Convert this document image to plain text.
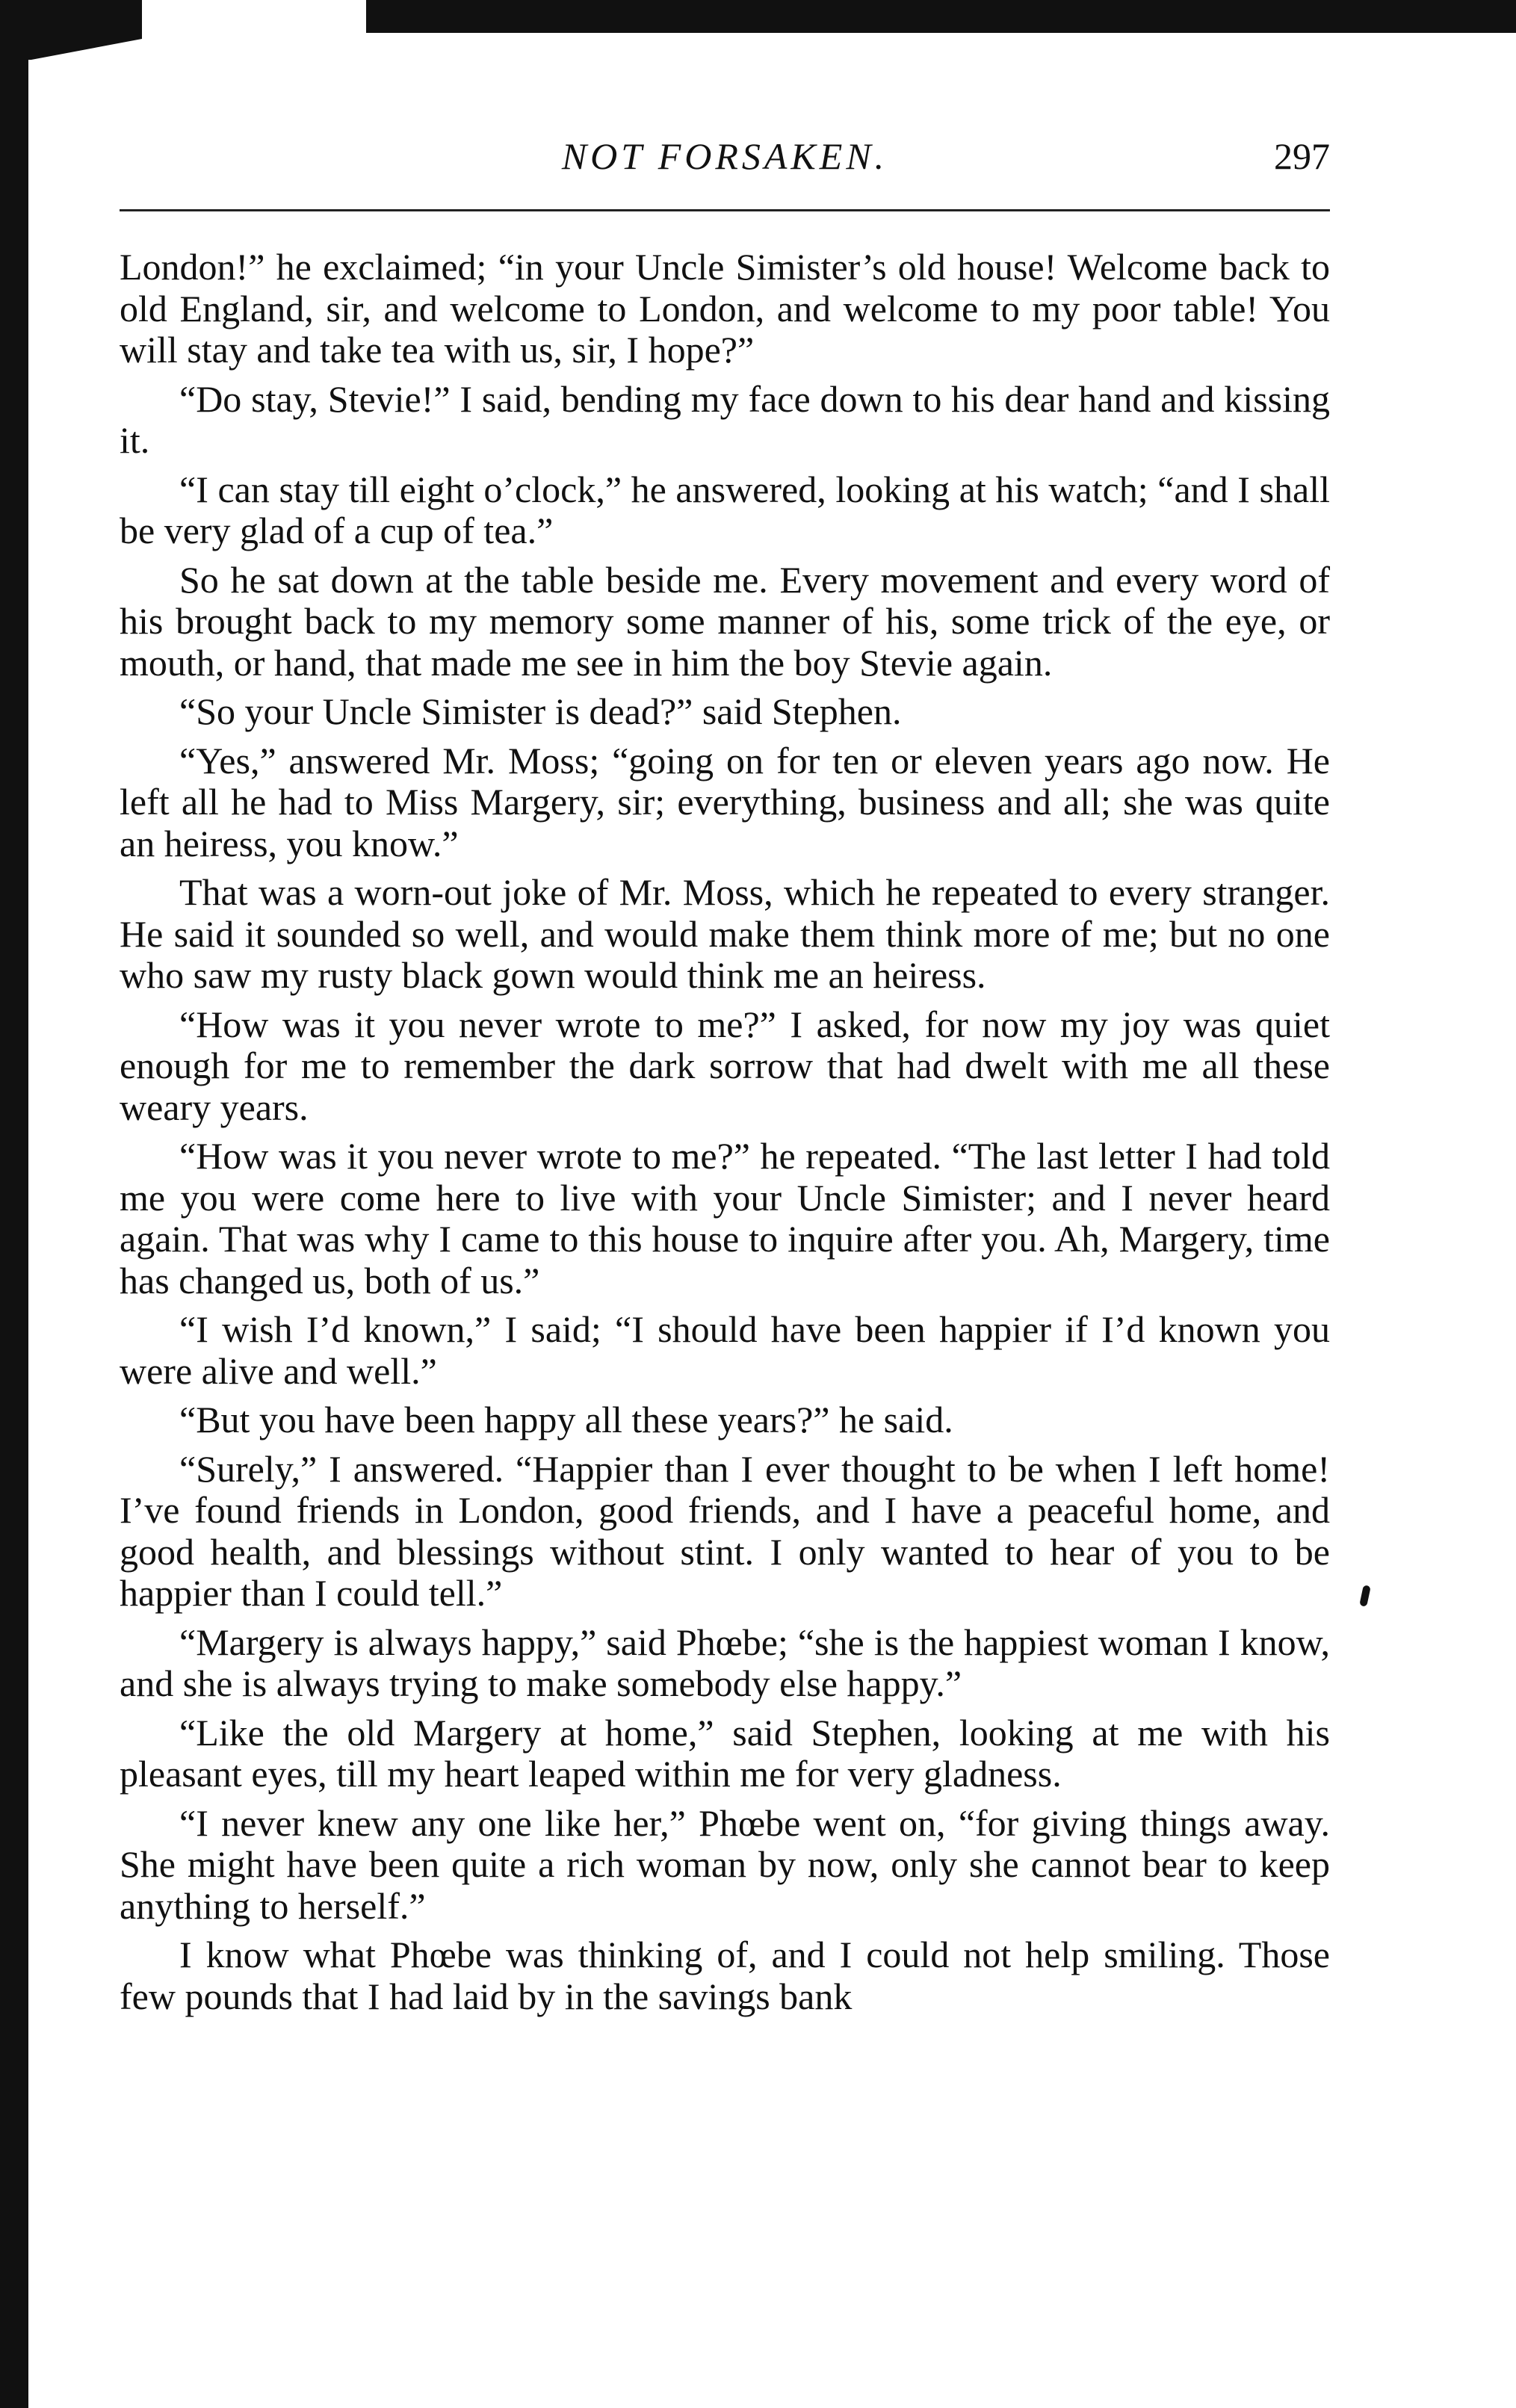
NOT FORSAKEN.	297

London!” he exclaimed; “in your Uncle Simister’s old house! Welcome back to old England, sir, and welcome to London, and welcome to my poor table! You will stay and take tea with us, sir, I hope?”

“Do stay, Stevie!” I said, bending my face down to his dear hand and kissing it.

“I can stay till eight o’clock,” he answered, looking at his watch; “and I shall be very glad of a cup of tea.”

So he sat down at the table beside me. Every movement and every word of his brought back to my memory some manner of his, some trick of the eye, or mouth, or hand, that made me see in him the boy Stevie again.

“So your Uncle Simister is dead?” said Stephen.

“Yes,” answered Mr. Moss; “going on for ten or eleven years ago now. He left all he had to Miss Margery, sir; everything, business and all; she was quite an heiress, you know.”

That was a worn-out joke of Mr. Moss, which he repeated to every stranger. He said it sounded so well, and would make them think more of me; but no one who saw my rusty black gown would think me an heiress.

“How was it you never wrote to me?” I asked, for now my joy was quiet enough for me to remember the dark sorrow that had dwelt with me all these weary years.

“How was it you never wrote to me?” he repeated. “The last letter I had told me you were come here to live with your Uncle Simister; and I never heard again. That was why I came to this house to inquire after you. Ah, Margery, time has changed us, both of us.”

“I wish I’d known,” I said; “I should have been happier if I’d known you were alive and well.”

“But you have been happy all these years?” he said.

“Surely,” I answered. “Happier than I ever thought to be when I left home! I’ve found friends in London, good friends, and I have a peaceful home, and good health, and blessings without stint. I only wanted to hear of you to be happier than I could tell.”

“Margery is always happy,” said Phœbe; “she is the happiest woman I know, and she is always trying to make somebody else happy.”

“Like the old Margery at home,” said Stephen, looking at me with his pleasant eyes, till my heart leaped within me for very gladness.

“I never knew any one like her,” Phœbe went on, “for giving things away. She might have been quite a rich woman by now, only she cannot bear to keep anything to herself.”

I know what Phœbe was thinking of, and I could not help smiling. Those few pounds that I had laid by in the savings bank
